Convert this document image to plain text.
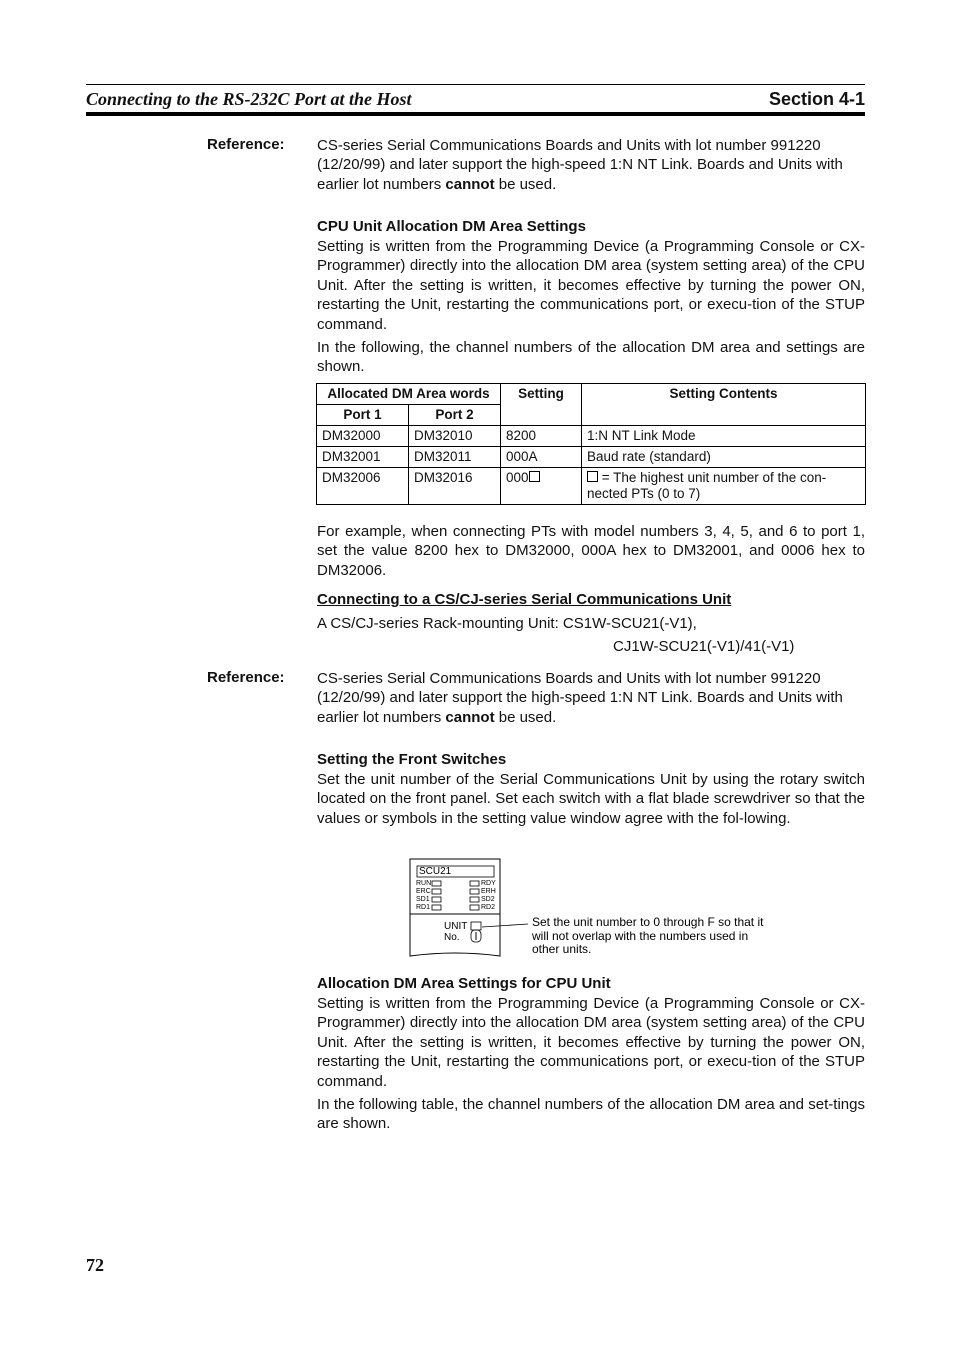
Connecting to the RS-232C Port at the Host	Section 4-1
Reference: CS-series Serial Communications Boards and Units with lot number 991220 (12/20/99) and later support the high-speed 1:N NT Link. Boards and Units with earlier lot numbers cannot be used.
CPU Unit Allocation DM Area Settings
Setting is written from the Programming Device (a Programming Console or CX-Programmer) directly into the allocation DM area (system setting area) of the CPU Unit. After the setting is written, it becomes effective by turning the power ON, restarting the Unit, restarting the communications port, or execu-tion of the STUP command.
In the following, the channel numbers of the allocation DM area and settings are shown.
Allocated DM Area words		Setting	Setting Contents
Port 1	Port 2		
DM32000	DM32010	8200	1:N NT Link Mode
DM32001	DM32011	000A	Baud rate (standard)
DM32006	DM32016	000	= The highest unit number of the con-nected PTs (0 to 7)
For example, when connecting PTs with model numbers 3, 4, 5, and 6 to port 1, set the value 8200 hex to DM32000, 000A hex to DM32001, and 0006 hex to DM32006.
Connecting to a CS/CJ-series Serial Communications Unit
A CS/CJ-series Rack-mounting Unit: CS1W-SCU21(-V1),
CJ1W-SCU21(-V1)/41(-V1)
Reference: CS-series Serial Communications Boards and Units with lot number 991220 (12/20/99) and later support the high-speed 1:N NT Link. Boards and Units with earlier lot numbers cannot be used.
Setting the Front Switches
Set the unit number of the Serial Communications Unit by using the rotary switch located on the front panel. Set each switch with a flat blade screwdriver so that the values or symbols in the setting value window agree with the fol-lowing.
SCU21
RUN
ERC
SD1
RD1
RDY
ERH
SD2
RD2
UNIT
No.
Set the unit number to 0 through F so that it will not overlap with the numbers used in other units.
Allocation DM Area Settings for CPU Unit
Setting is written from the Programming Device (a Programming Console or CX-Programmer) directly into the allocation DM area (system setting area) of the CPU Unit. After the setting is written, it becomes effective by turning the power ON, restarting the Unit, restarting the communications port, or execu-tion of the STUP command.
In the following table, the channel numbers of the allocation DM area and set-tings are shown.
72
